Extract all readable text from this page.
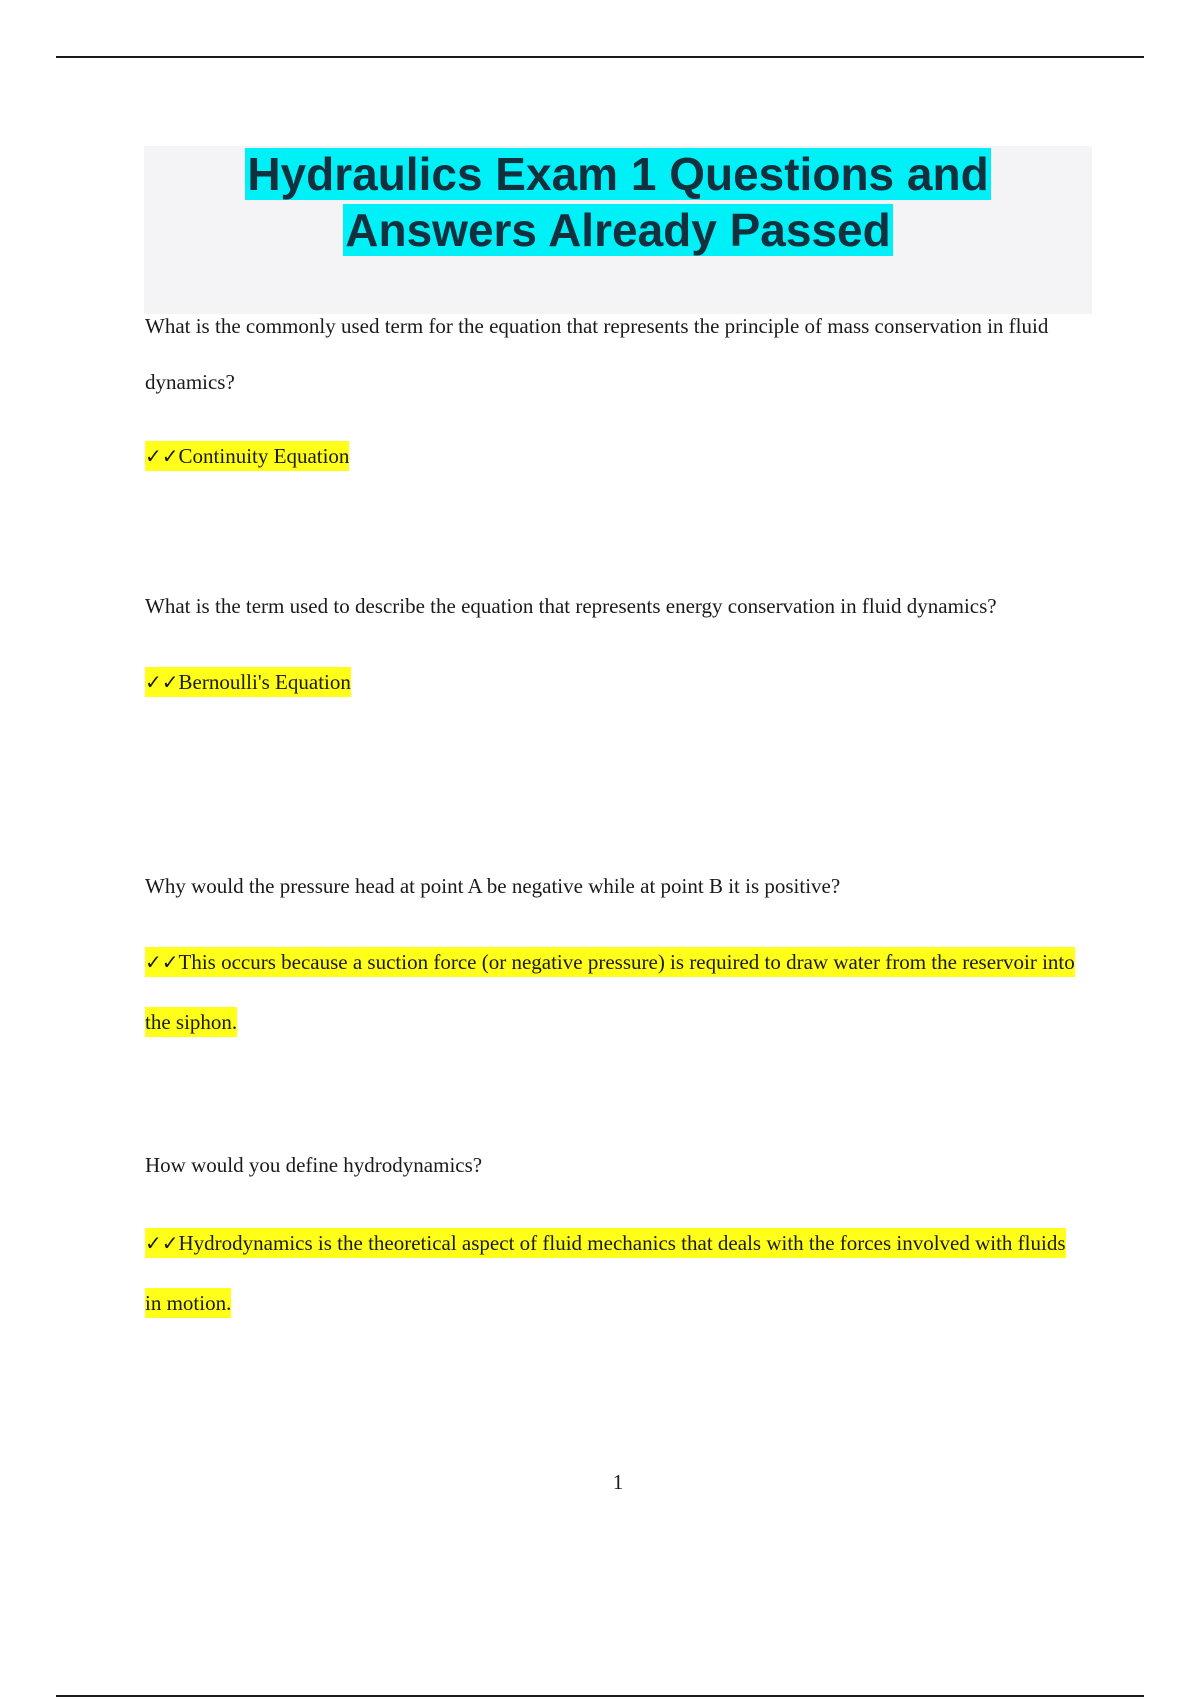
Hydraulics Exam 1 Questions and
Answers Already Passed

What is the commonly used term for the equation that represents the principle of mass conservation in fluid dynamics?

✓✓Continuity Equation

What is the term used to describe the equation that represents energy conservation in fluid dynamics?

✓✓Bernoulli's Equation

Why would the pressure head at point A be negative while at point B it is positive?

✓✓This occurs because a suction force (or negative pressure) is required to draw water from the reservoir into the siphon.

How would you define hydrodynamics?

✓✓Hydrodynamics is the theoretical aspect of fluid mechanics that deals with the forces involved with fluids in motion.

1
